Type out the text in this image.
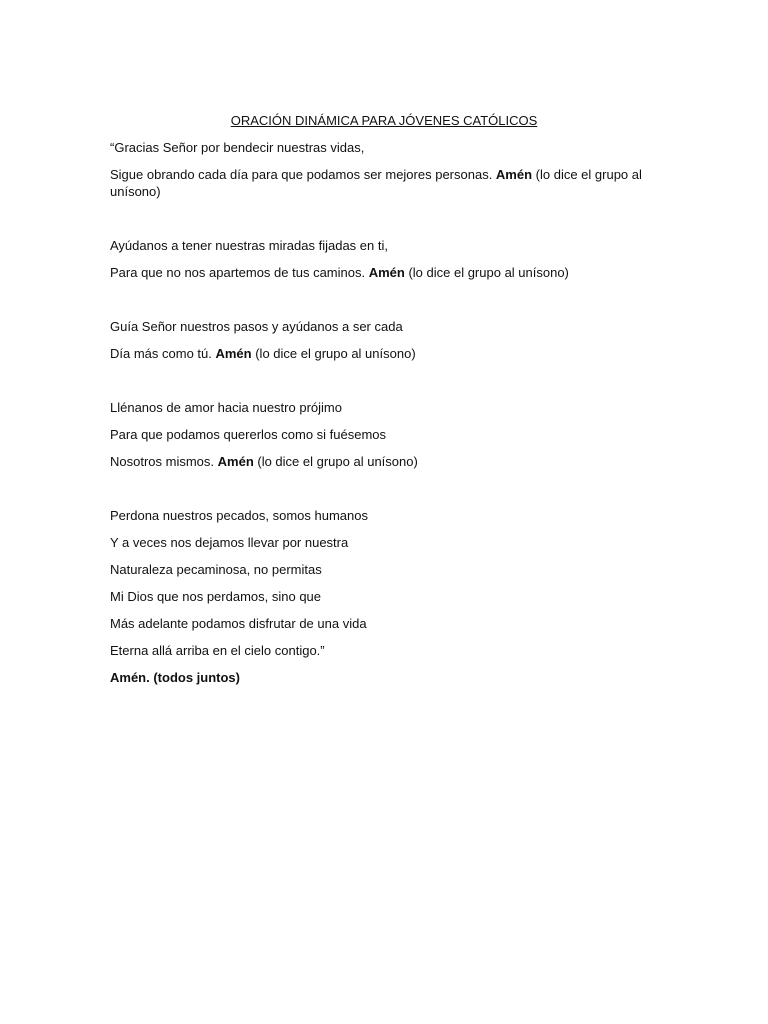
ORACIÓN DINÁMICA PARA JÓVENES CATÓLICOS
“Gracias Señor por bendecir nuestras vidas,
Sigue obrando cada día para que podamos ser mejores personas. Amén (lo dice el grupo al unísono)
Ayúdanos a tener nuestras miradas fijadas en ti,
Para que no nos apartemos de tus caminos. Amén (lo dice el grupo al unísono)
Guía Señor nuestros pasos y ayúdanos a ser cada
Día más como tú. Amén (lo dice el grupo al unísono)
Llénanos de amor hacia nuestro prójimo
Para que podamos quererlos como si fuésemos
Nosotros mismos. Amén (lo dice el grupo al unísono)
Perdona nuestros pecados, somos humanos
Y a veces nos dejamos llevar por nuestra
Naturaleza pecaminosa, no permitas
Mi Dios que nos perdamos, sino que
Más adelante podamos disfrutar de una vida
Eterna allá arriba en el cielo contigo.”
Amén. (todos juntos)
